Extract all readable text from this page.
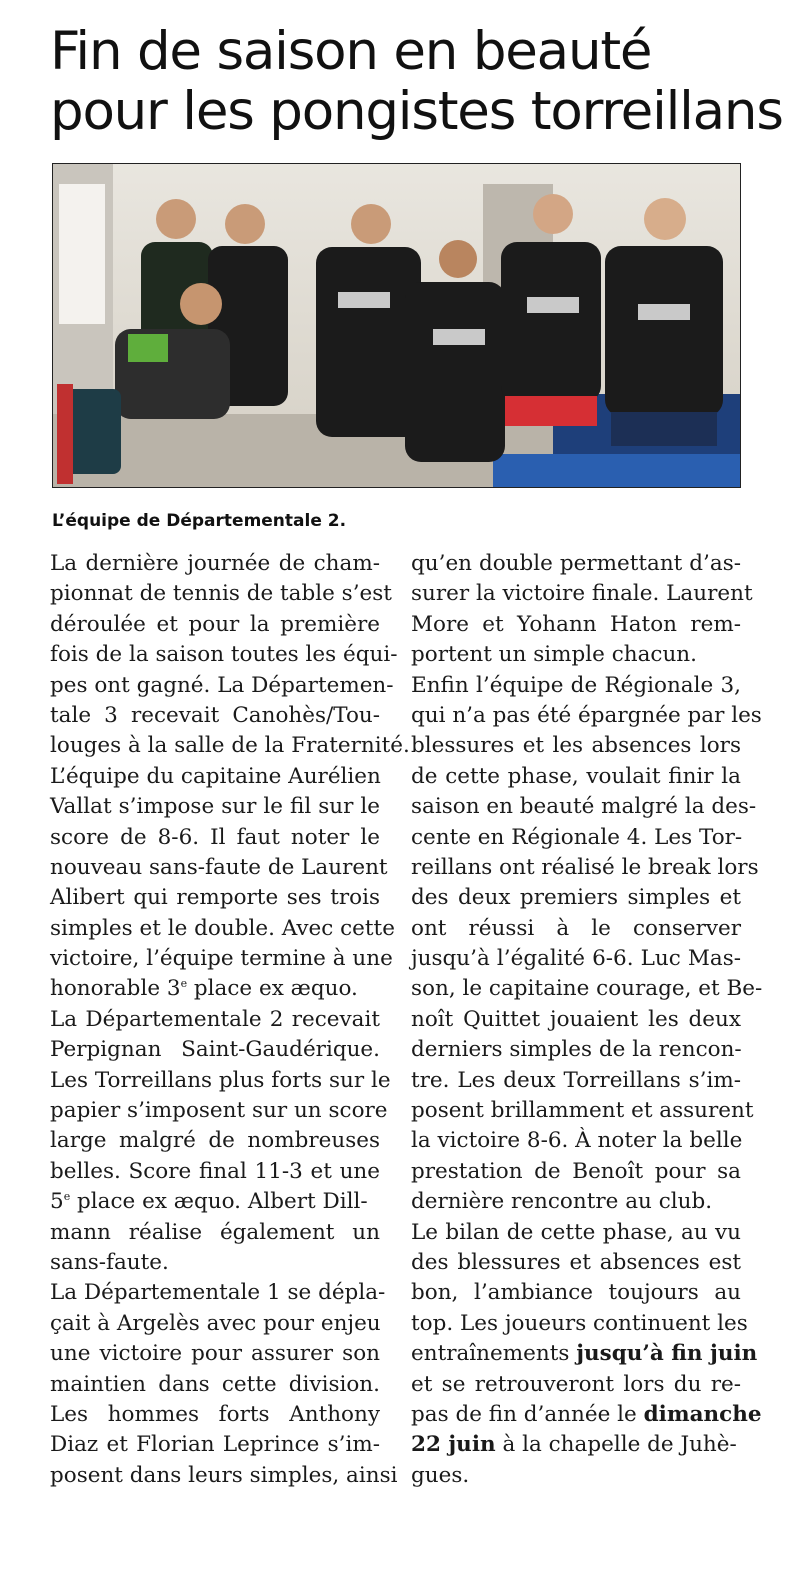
Fin de saison en beauté
pour les pongistes torreillans
L’équipe de Départementale 2.
La dernière journée de cham-
pionnat de tennis de table s’est
déroulée et pour la première
fois de la saison toutes les équi-
pes ont gagné. La Départemen-
tale 3 recevait Canohès/Tou-
louges à la salle de la Fraternité.
L’équipe du capitaine Aurélien
Vallat s’impose sur le fil sur le
score de 8-6. Il faut noter le
nouveau sans-faute de Laurent
Alibert qui remporte ses trois
simples et le double. Avec cette
victoire, l’équipe termine à une
honorable 3e place ex æquo.
La Départementale 2 recevait
Perpignan Saint-Gaudérique.
Les Torreillans plus forts sur le
papier s’imposent sur un score
large malgré de nombreuses
belles. Score final 11-3 et une
5e place ex æquo. Albert Dill-
mann réalise également un
sans-faute.
La Départementale 1 se dépla-
çait à Argelès avec pour enjeu
une victoire pour assurer son
maintien dans cette division.
Les hommes forts Anthony
Diaz et Florian Leprince s’im-
posent dans leurs simples, ainsi
qu’en double permettant d’as-
surer la victoire finale. Laurent
More et Yohann Haton rem-
portent un simple chacun.
Enfin l’équipe de Régionale 3,
qui n’a pas été épargnée par les
blessures et les absences lors
de cette phase, voulait finir la
saison en beauté malgré la des-
cente en Régionale 4. Les Tor-
reillans ont réalisé le break lors
des deux premiers simples et
ont réussi à le conserver
jusqu’à l’égalité 6-6. Luc Mas-
son, le capitaine courage, et Be-
noît Quittet jouaient les deux
derniers simples de la rencon-
tre. Les deux Torreillans s’im-
posent brillamment et assurent
la victoire 8-6. À noter la belle
prestation de Benoît pour sa
dernière rencontre au club.
Le bilan de cette phase, au vu
des blessures et absences est
bon, l’ambiance toujours au
top. Les joueurs continuent les
entraînements jusqu’à fin juin
et se retrouveront lors du re-
pas de fin d’année le dimanche
22 juin à la chapelle de Juhè-
gues.
